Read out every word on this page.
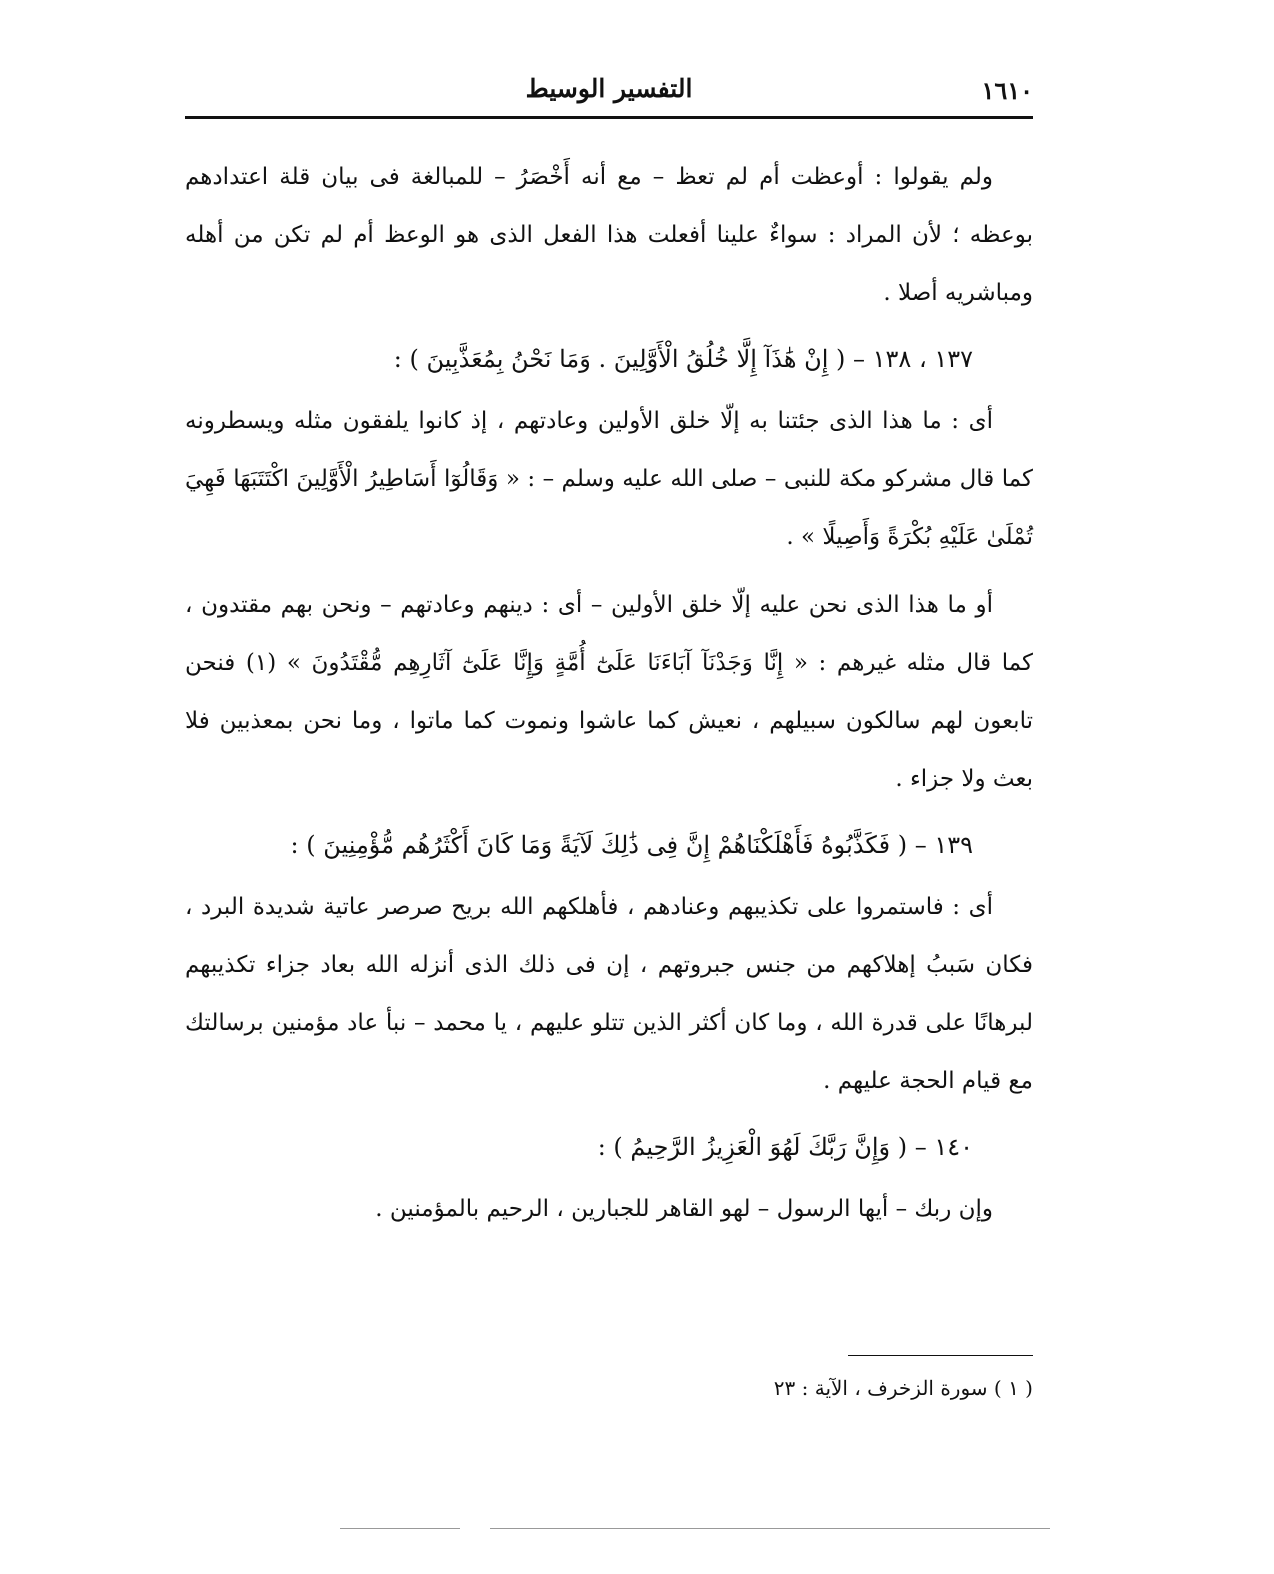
١٦١٠
التفسير الوسيط

ولم يقولوا : أوعظت أم لم تعظ – مع أنه أَخْصَرُ – للمبالغة فى بيان قلة اعتدادهم بوعظه ؛ لأن المراد : سواءٌ علينا أفعلت هذا الفعل الذى هو الوعظ أم لم تكن من أهله ومباشريه أصلا .

١٣٧ ، ١٣٨ – ( إِنْ هَٰذَآ إِلَّا خُلُقُ الْأَوَّلِينَ . وَمَا نَحْنُ بِمُعَذَّبِينَ ) :

أى : ما هذا الذى جئتنا به إلّا خلق الأولين وعادتهم ، إذ كانوا يلفقون مثله ويسطرونه كما قال مشركو مكة للنبى – صلى الله عليه وسلم – : « وَقَالُوٓا أَسَاطِيرُ الْأَوَّلِينَ اكْتَتَبَهَا فَهِيَ تُمْلَىٰ عَلَيْهِ بُكْرَةً وَأَصِيلًا » .

أو ما هذا الذى نحن عليه إلّا خلق الأولين – أى : دينهم وعادتهم – ونحن بهم مقتدون ، كما قال مثله غيرهم : « إِنَّا وَجَدْنَآ آبَاءَنَا عَلَىٰٓ أُمَّةٍ وَإِنَّا عَلَىٰٓ آثَارِهِم مُّقْتَدُونَ » (١) فنحن تابعون لهم سالكون سبيلهم ، نعيش كما عاشوا ونموت كما ماتوا ، وما نحن بمعذبين فلا بعث ولا جزاء .

١٣٩ – ( فَكَذَّبُوهُ فَأَهْلَكْنَاهُمْ إِنَّ فِى ذَٰلِكَ لَآيَةً وَمَا كَانَ أَكْثَرُهُم مُّؤْمِنِينَ ) :

أى : فاستمروا على تكذيبهم وعنادهم ، فأهلكهم الله بريح صرصر عاتية شديدة البرد ، فكان سَببُ إهلاكهم من جنس جبروتهم ، إن فى ذلك الذى أنزله الله بعاد جزاء تكذيبهم لبرهانًا على قدرة الله ، وما كان أكثر الذين تتلو عليهم ، يا محمد – نبأ عاد مؤمنين برسالتك مع قيام الحجة عليهم .

١٤٠ – ( وَإِنَّ رَبَّكَ لَهُوَ الْعَزِيزُ الرَّحِيمُ ) :

وإن ربك – أيها الرسول – لهو القاهر للجبارين ، الرحيم بالمؤمنين .

( ١ ) سورة الزخرف ، الآية : ٢٣
